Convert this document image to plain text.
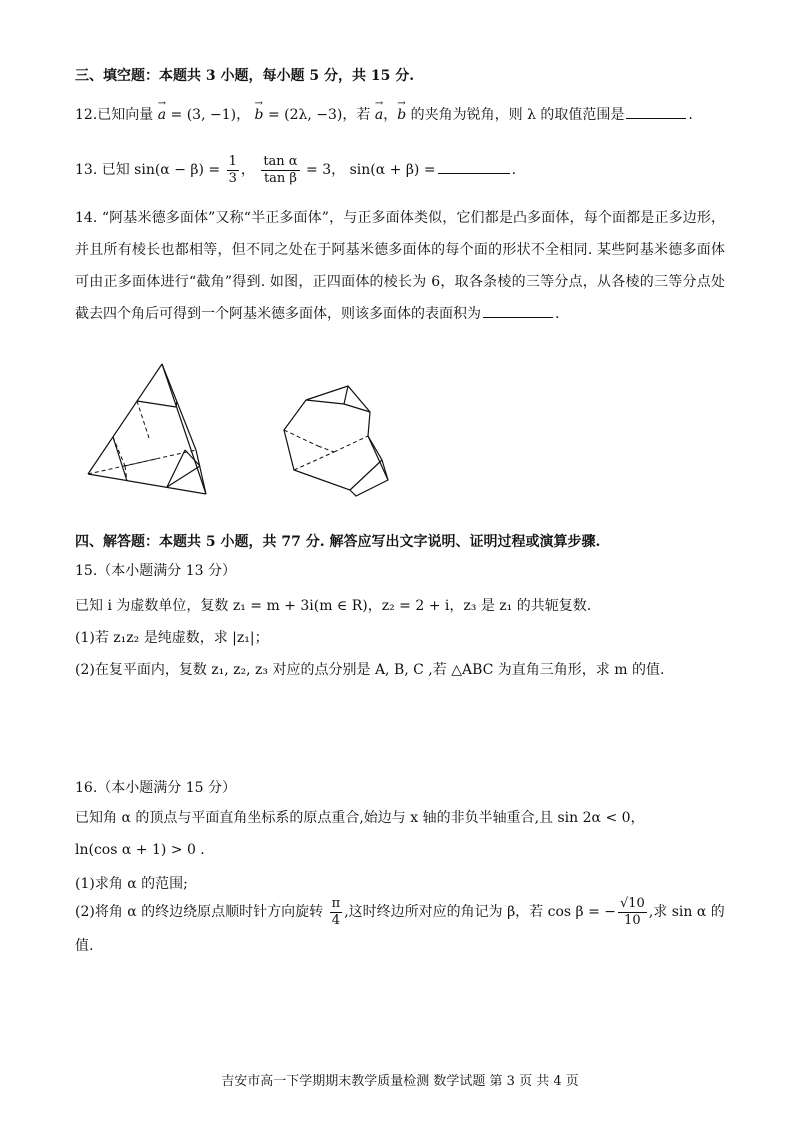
三、填空题：本题共 3 小题，每小题 5 分，共 15 分.
12.已知向量 → a = (3, −1)， → b = (2λ, −3)，若 → a，→ b 的夹角为锐角，则 λ 的取值范围是	.
13. 已知 $\sin(\alpha - \beta) = \frac{1}{3}$ ， $\frac{\text{tan α}}{\text{tan β}} = 3$， sin(α + β) =	.
14. “阿基米德多面体”又称“半正多面体”，与正多面体类似，它们都是凸多面体，每个面都是正多边形，并且所有棱长也都相等，但不同之处在于阿基米德多面体的每个面的形状不全相同. 某些阿基米德多面体可由正多面体进行“截角”得到. 如图，正四面体的棱长为 6，取各条棱的三等分点，从各棱的三等分点处截去四个角后可得到一个阿基米德多面体，则该多面体的表面积为	.
四、解答题：本题共 5 小题，共 77 分. 解答应写出文字说明、证明过程或演算步骤.
15.（本小题满分 13 分）
已知 i 为虚数单位，复数 z₁ = m + 3i(m ∈ R)，z₂ = 2 + i，z₃ 是 z₁ 的共轭复数.
(1)若 z₁z₂ 是纯虚数，求 |z₁|；
(2)在复平面内，复数 z₁, z₂, z₃ 对应的点分别是 A, B, C ,若 △ABC 为直角三角形，求 m 的值.
16.（本小题满分 15 分）
已知角 α 的顶点与平面直角坐标系的原点重合,始边与 x 轴的非负半轴重合,且 sin 2α < 0，
ln(cos α + 1) > 0 .
(1)求角 α 的范围;
(2)将角 α 的终边绕原点顺时针方向旋转 $\frac{\pi}{4}$ ,这时终边所对应的角记为 β，若 cos β = − $\frac{√10}{10}$ ,求 sin α 的
值.
吉安市高一下学期期末教学质量检测 数学试题 第 3 页 共 4 页
